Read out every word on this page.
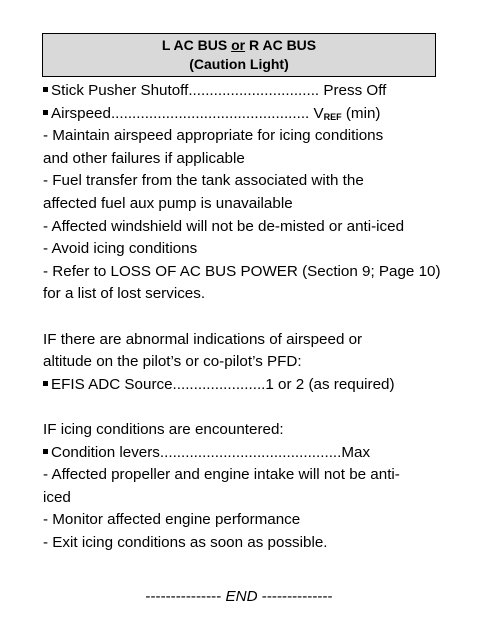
L AC BUS or R AC BUS
(Caution Light)
Stick Pusher Shutoff............................... Press Off
Airspeed............................................... $V_{REF}$ (min)
- Maintain airspeed appropriate for icing conditions
and other failures if applicable
- Fuel transfer from the tank associated with the
affected fuel aux pump is unavailable
- Affected windshield will not be de-misted or anti-iced
- Avoid icing conditions
- Refer to LOSS OF AC BUS POWER (Section 9; Page 10)
for a list of lost services.
IF there are abnormal indications of airspeed or
altitude on the pilot’s or co-pilot’s PFD:
EFIS ADC Source......................1 or 2 (as required)
IF icing conditions are encountered:
Condition levers...........................................Max
- Affected propeller and engine intake will not be anti-
iced
- Monitor affected engine performance
- Exit icing conditions as soon as possible.
--------------- END --------------
